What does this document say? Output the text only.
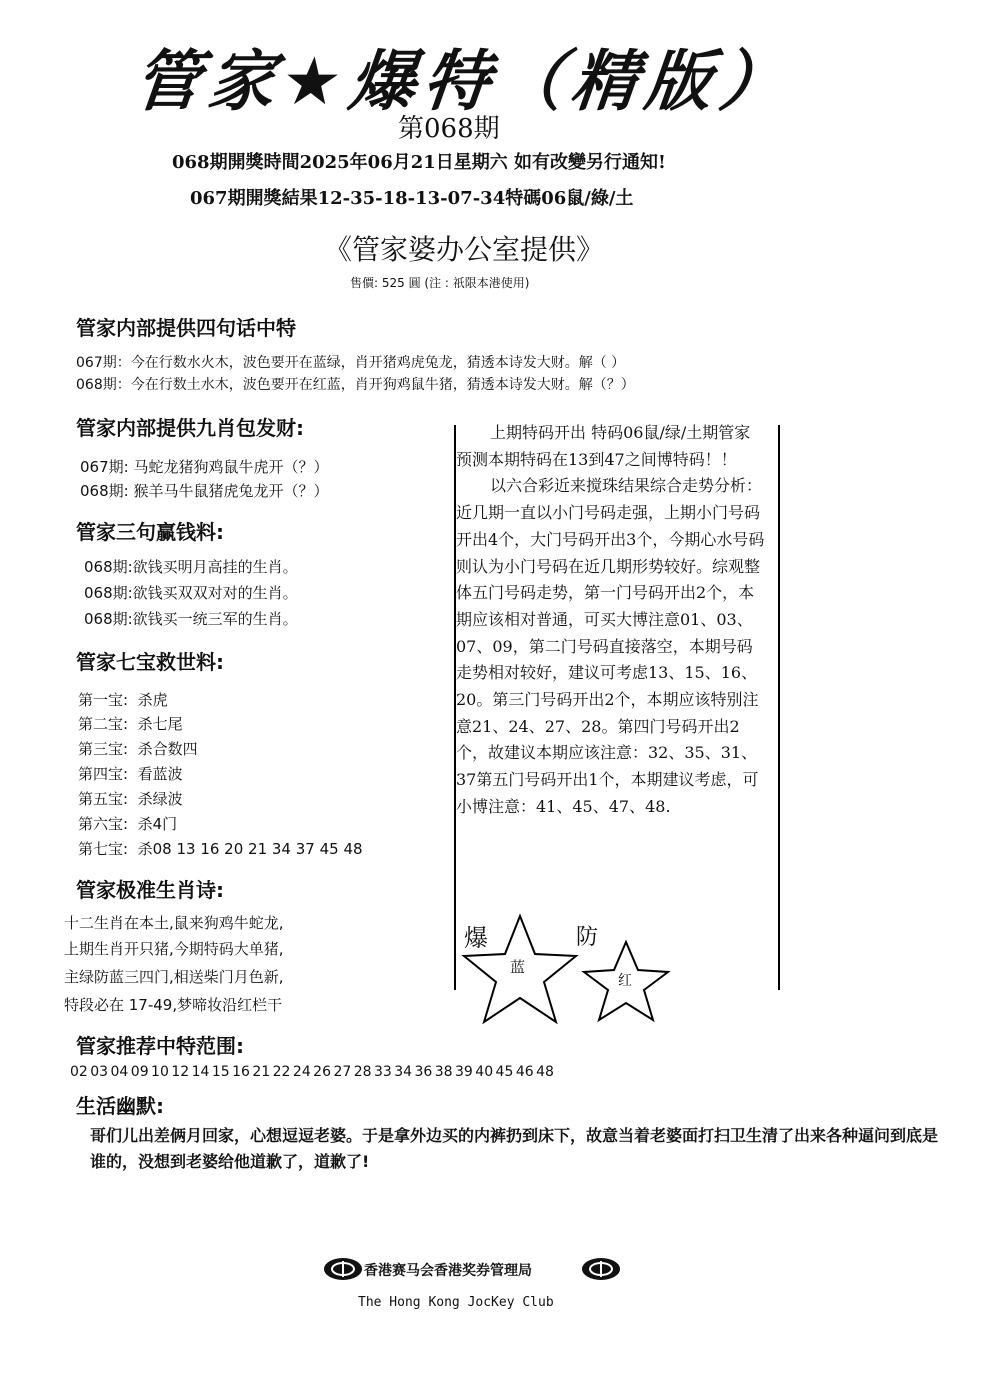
管家★爆特（精版）
第068期
068期開獎時間2025年06月21日星期六 如有改變另行通知!
067期開獎結果12-35-18-13-07-34特碼06鼠/綠/土
《管家婆办公室提供》
售價: 525 圓 (注 : 祇限本港使用)
管家内部提供四句话中特
067期：今在行数水火木，波色要开在蓝绿，肖开猪鸡虎兔龙，猜透本诗发大财。解（ ）
068期：今在行数土水木，波色要开在红蓝，肖开狗鸡鼠牛猪，猜透本诗发大财。解（？）
管家内部提供九肖包发财:
067期: 马蛇龙猪狗鸡鼠牛虎开（？）
068期: 猴羊马牛鼠猪虎兔龙开（？）
管家三句赢钱料:
068期:欲钱买明月高挂的生肖。
068期:欲钱买双双对对的生肖。
068期:欲钱买一统三军的生肖。
管家七宝救世料:
第一宝: 杀虎
第二宝: 杀七尾
第三宝: 杀合数四
第四宝: 看蓝波
第五宝: 杀绿波
第六宝: 杀4门
第七宝: 杀08 13 16 20 21 34 37 45 48
管家极准生肖诗:
十二生肖在本土,鼠来狗鸡牛蛇龙,
上期生肖开只猪,今期特码大单猪,
主绿防蓝三四门,相送柴门月色新,
特段必在 17-49,梦啼妆沿红栏干

上期特码开出 特码06鼠/绿/土期管家预测本期特码在13到47之间博特码！！

以六合彩近来搅珠结果综合走势分析：近几期一直以小门号码走强，上期小门号码开出4个，大门号码开出3个，今期心水号码则认为小门号码在近几期形势较好。综观整体五门号码走势，第一门号码开出2个，本期应该相对普通，可买大博注意01、03、07、09，第二门号码直接落空，本期号码走势相对较好，建议可考虑13、15、16、20。第三门号码开出2个，本期应该特别注意21、24、27、28。第四门号码开出2个，故建议本期应该注意：32、35、31、37第五门号码开出1个，本期建议考虑，可小博注意：41、45、47、48.

爆
蓝
防
红
管家推荐中特范围:
02 03 04 09 10 12 14 15 16 21 22 24 26 27 28 33 34 36 38 39 40 45 46 48
生活幽默:
哥们儿出差俩月回家，心想逗逗老婆。于是拿外边买的内裤扔到床下，故意当着老婆面打扫卫生清了出来各种逼问到底是谁的，没想到老婆给他道歉了，道歉了!
香港赛马会香港奖券管理局
The Hong Kong JocKey Club
